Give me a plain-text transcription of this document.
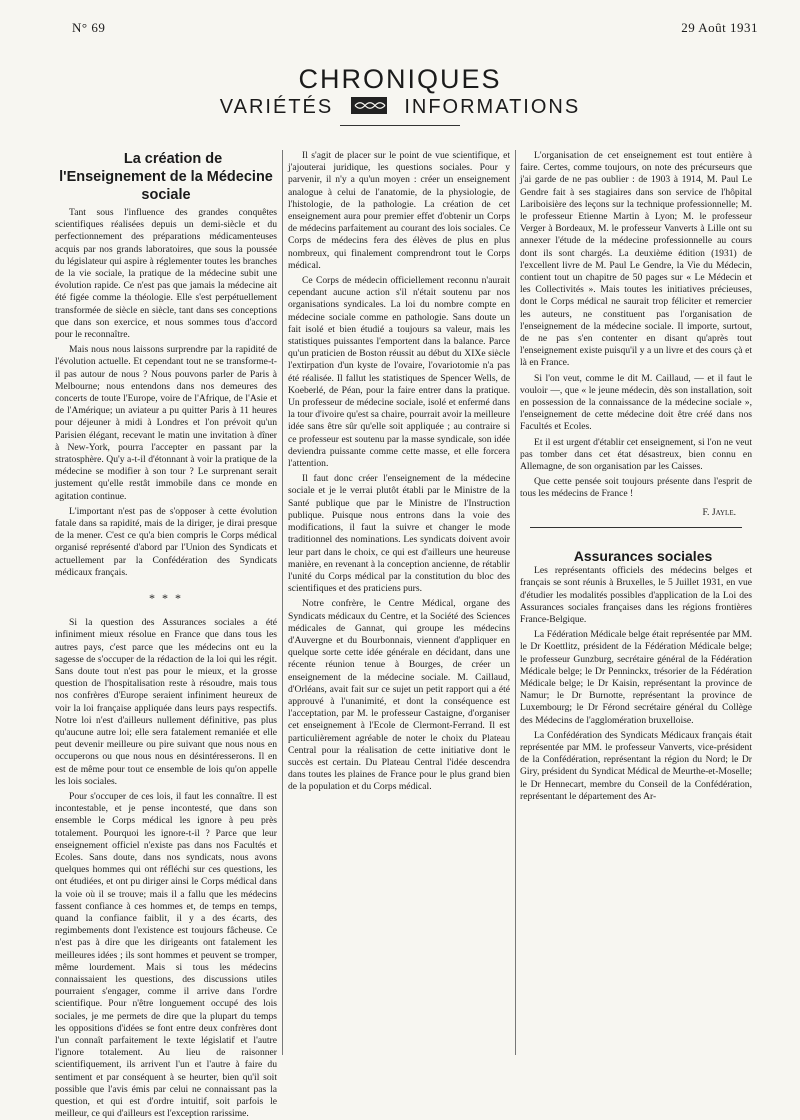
N° 69	29 Août 1931
CHRONIQUES
VARIÉTÉS	INFORMATIONS

La création de l'Enseignement de la Médecine sociale

Tant sous l'influence des grandes conquêtes scientifiques réalisées depuis un demi-siècle et du perfectionnement des préparations médicamenteuses acquis par nos grands laboratoires, que sous la poussée du législateur qui aspire à réglementer toutes les branches de la vie sociale, la pratique de la médecine subit une évolution rapide. Ce n'est pas que jamais la médecine ait été figée comme la théologie. Elle s'est perpétuellement transformée de siècle en siècle, tant dans ses conceptions que dans son exercice, et nous sommes tous d'accord pour le reconnaître.

Mais nous nous laissons surprendre par la rapidité de l'évolution actuelle. Et cependant tout ne se transforme-t-il pas autour de nous ? Nous pouvons parler de Paris à Melbourne; nous entendons dans nos demeures des concerts de toute l'Europe, voire de l'Afrique, de l'Asie et de l'Amérique; un aviateur a pu quitter Paris à 11 heures pour déjeuner à midi à Londres et l'on prévoit qu'un Parisien élégant, recevant le matin une invitation à dîner à New-York, pourra l'accepter en passant par la stratosphère. Qu'y a-t-il d'étonnant à voir la pratique de la médecine se modifier à son tour ? Le surprenant serait justement qu'elle restât immobile dans ce monde en agitation continue.

L'important n'est pas de s'opposer à cette évolution fatale dans sa rapidité, mais de la diriger, je dirai presque de la mener. C'est ce qu'a bien compris le Corps médical organisé représenté d'abord par l'Union des Syndicats et actuellement par la Confédération des Syndicats médicaux français.

* * *

Si la question des Assurances sociales a été infiniment mieux résolue en France que dans tous les autres pays, c'est parce que les médecins ont eu la sagesse de s'occuper de la rédaction de la loi qui les régit. Sans doute tout n'est pas pour le mieux, et la grosse question de l'hospitalisation reste à résoudre, mais tous nos confrères d'Europe seraient infiniment heureux de voir la loi française appliquée dans leurs pays respectifs. Notre loi n'est d'ailleurs nullement définitive, pas plus qu'aucune autre loi; elle sera fatalement remaniée et elle peut devenir meilleure ou pire suivant que nous nous en occuperons ou que nous nous en désintéresserons. Il en est de même pour tout ce ensemble de lois qu'on appelle les lois sociales.

Pour s'occuper de ces lois, il faut les connaître. Il est incontestable, et je pense incontesté, que dans son ensemble le Corps médical les ignore à peu près totalement. Pourquoi les ignore-t-il ? Parce que leur enseignement officiel n'existe pas dans nos Facultés et Ecoles. Sans doute, dans nos syndicats, nous avons quelques hommes qui ont réfléchi sur ces questions, les ont étudiées, et ont pu diriger ainsi le Corps médical dans la voie où il se trouve; mais il a fallu que les médecins fassent confiance à ces hommes et, de temps en temps, quand la confiance faiblit, il y a des écarts, des regimbements dont l'existence est toujours fâcheuse. Ce n'est pas à dire que les dirigeants ont fatalement les meilleures idées ; ils sont hommes et peuvent se tromper, même lourdement. Mais si tous les médecins connaissaient les questions, des discussions utiles pourraient s'engager, comme il arrive dans l'ordre scientifique. Pour n'être longuement occupé des lois sociales, je me permets de dire que la plupart du temps les oppositions d'idées se font entre deux confrères dont l'un connaît parfaitement le texte législatif et l'autre l'ignore totalement. Au lieu de raisonner scientifiquement, ils arrivent l'un et l'autre à faire du sentiment et par conséquent à se heurter, bien qu'il soit possible que l'avis émis par celui ne connaissant pas la question, et qui est d'ordre intuitif, soit parfois le meilleur, ce qui d'ailleurs est l'exception rarissime.

Il s'agit de placer sur le point de vue scientifique, et j'ajouterai juridique, les questions sociales. Pour y parvenir, il n'y a qu'un moyen : créer un enseignement analogue à celui de l'anatomie, de la physiologie, de l'histologie, de la pathologie. La création de cet enseignement aura pour premier effet d'obtenir un Corps de médecins parfaitement au courant des lois sociales. Ce Corps de médecins fera des élèves de plus en plus nombreux, qui finalement comprendront tout le Corps médical.

Ce Corps de médecin officiellement reconnu n'aurait cependant aucune action s'il n'était soutenu par nos organisations syndicales. La loi du nombre compte en médecine sociale comme en pathologie. Sans doute un fait isolé et bien étudié a toujours sa valeur, mais les statistiques puissantes l'emportent dans la balance. Parce qu'un praticien de Boston réussit au début du XIXe siècle l'extirpation d'un kyste de l'ovaire, l'ovariotomie n'a pas été réalisée. Il fallut les statistiques de Spencer Wells, de Koeberlé, de Péan, pour la faire entrer dans la pratique. Un professeur de médecine sociale, isolé et enfermé dans la tour d'ivoire qu'est sa chaire, pourrait avoir la meilleure idée sans être sûr qu'elle soit appliquée ; au contraire si ce professeur est soutenu par la masse syndicale, son idée deviendra puissante comme cette masse, et elle forcera l'attention.

Il faut donc créer l'enseignement de la médecine sociale et je le verrai plutôt établi par le Ministre de la Santé publique que par le Ministre de l'Instruction publique. Puisque nous entrons dans la voie des modifications, il faut la suivre et changer le mode traditionnel des nominations. Les syndicats doivent avoir leur part dans le choix, ce qui est d'ailleurs une heureuse manière, en revenant à la conception ancienne, de rétablir l'unité du Corps médical par la constitution du bloc des scientifiques et des praticiens purs.

Notre confrère, le Centre Médical, organe des Syndicats médicaux du Centre, et la Société des Sciences médicales de Gannat, qui groupe les médecins d'Auvergne et du Bourbonnais, viennent d'appliquer en quelque sorte cette idée générale en décidant, dans une récente réunion tenue à Bourges, de créer un enseignement de la médecine sociale. M. Caillaud, d'Orléans, avait fait sur ce sujet un petit rapport qui a été approuvé à l'unanimité, et dont la conséquence est l'acceptation, par M. le professeur Castaigne, d'organiser cet enseignement à l'Ecole de Clermont-Ferrand. Il est particulièrement agréable de noter le choix du Plateau Central pour la réalisation de cette initiative dont le succès est certain. Du Plateau Central l'idée descendra dans toutes les plaines de France pour le plus grand bien de la population et du Corps médical.

L'organisation de cet enseignement est tout entière à faire. Certes, comme toujours, on note des précurseurs que j'ai garde de ne pas oublier : de 1903 à 1914, M. Paul Le Gendre fait à ses stagiaires dans son service de l'hôpital Lariboisière des leçons sur la technique professionnelle; M. le professeur Etienne Martin à Lyon; M. le professeur Verger à Bordeaux, M. le professeur Vanverts à Lille ont su annexer l'étude de la médecine professionnelle au cours dont ils sont chargés. La deuxième édition (1931) de l'excellent livre de M. Paul Le Gendre, la Vie du Médecin, contient tout un chapitre de 50 pages sur « Le Médecin et les Collectivités ». Mais toutes les initiatives précieuses, dont le Corps médical ne saurait trop féliciter et remercier les auteurs, ne constituent pas l'organisation de l'enseignement de la médecine sociale. Il importe, surtout, de ne pas s'en contenter en disant qu'après tout l'enseignement existe puisqu'il y a un livre et des cours çà et là en France.

Si l'on veut, comme le dit M. Caillaud, — et il faut le vouloir —, que « le jeune médecin, dès son installation, soit en possession de la connaissance de la médecine sociale », l'enseignement de cette médecine doit être créé dans nos Facultés et Ecoles.

Et il est urgent d'établir cet enseignement, si l'on ne veut pas tomber dans cet état désastreux, bien connu en Allemagne, de son organisation par les Caisses.

Que cette pensée soit toujours présente dans l'esprit de tous les médecins de France !

F. Jayle.

Assurances sociales

Les représentants officiels des médecins belges et français se sont réunis à Bruxelles, le 5 Juillet 1931, en vue d'étudier les modalités possibles d'application de la Loi des Assurances sociales françaises dans les régions frontières France-Belgique.

La Fédération Médicale belge était représentée par MM. le Dr Koettlitz, président de la Fédération Médicale belge; le professeur Gunzburg, secrétaire général de la Fédération Médicale belge; le Dr Penninckx, trésorier de la Fédération Médicale belge; le Dr Kaisin, représentant la province de Namur; le Dr Burnotte, représentant la province de Luxembourg; le Dr Férond secrétaire général du Collège des Médecins de l'agglomération bruxelloise.

La Confédération des Syndicats Médicaux français était représentée par MM. le professeur Vanverts, vice-président de la Confédération, représentant la région du Nord; le Dr Giry, président du Syndicat Médical de Meurthe-et-Moselle; le Dr Hennecart, membre du Conseil de la Confédération, représentant le département des Ar-
